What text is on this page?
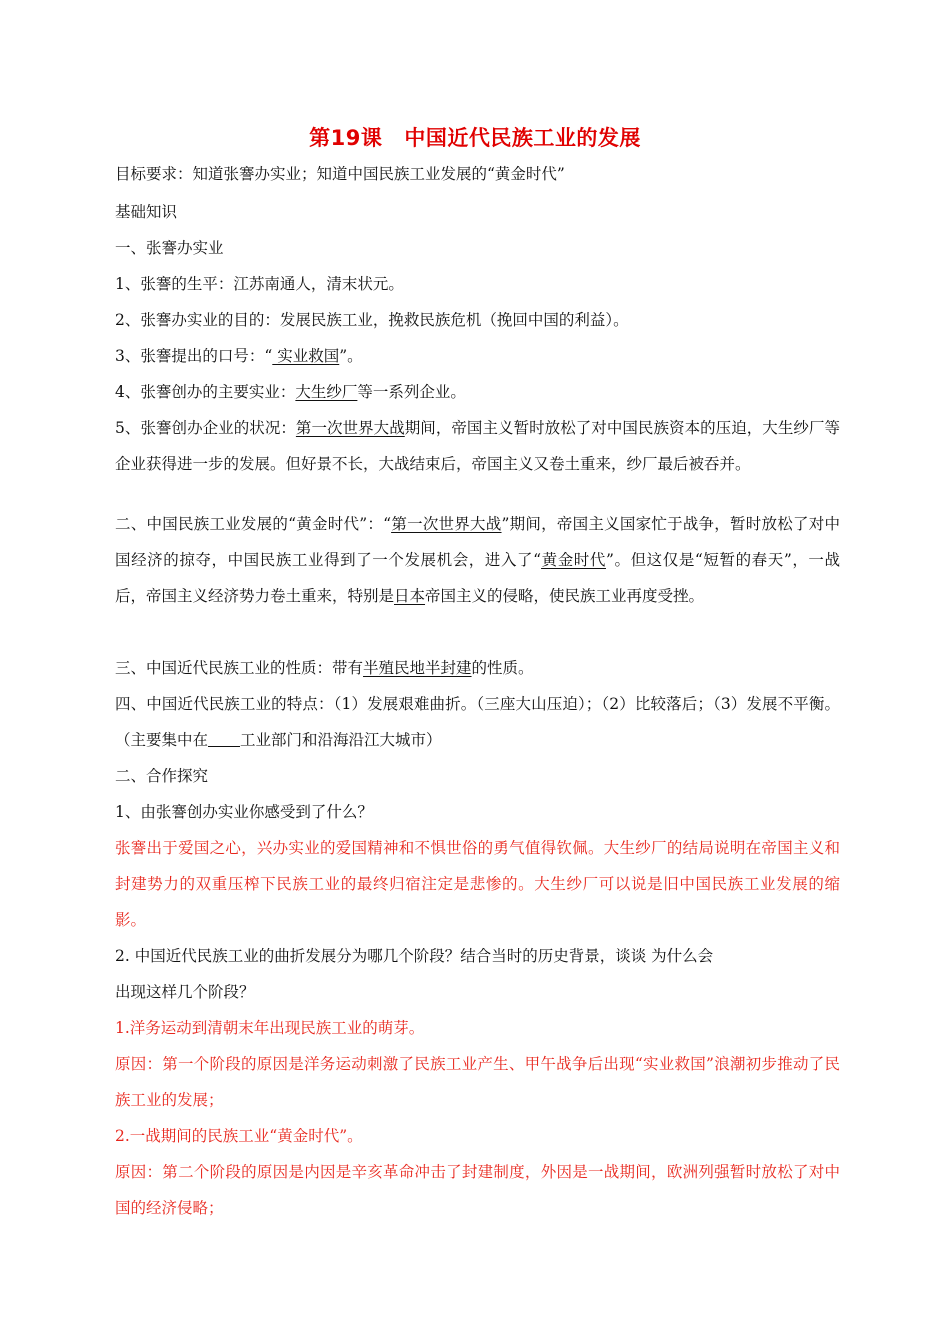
第19课 中国近代民族工业的发展
目标要求：知道张謇办实业；知道中国民族工业发展的“黄金时代”
基础知识
一、张謇办实业
1、张謇的生平：江苏南通人，清末状元。
2、张謇办实业的目的：发展民族工业，挽救民族危机（挽回中国的利益）。
3、张謇提出的口号：“ 实业救国”。
4、张謇创办的主要实业：大生纱厂等一系列企业。
5、张謇创办企业的状况：第一次世界大战期间，帝国主义暂时放松了对中国民族资本的压迫，大生纱厂等企业获得进一步的发展。但好景不长，大战结束后，帝国主义又卷土重来，纱厂最后被吞并。
二、中国民族工业发展的“黄金时代”：“第一次世界大战”期间，帝国主义国家忙于战争，暂时放松了对中国经济的掠夺，中国民族工业得到了一个发展机会，进入了“黄金时代”。但这仅是“短暂的春天”，一战后，帝国主义经济势力卷土重来，特别是日本帝国主义的侵略，使民族工业再度受挫。
三、中国近代民族工业的性质：带有半殖民地半封建的性质。
四、中国近代民族工业的特点：（1）发展艰难曲折。（三座大山压迫）；（2）比较落后；（3）发展不平衡。（主要集中在 工业部门和沿海沿江大城市）
二、合作探究
1、由张謇创办实业你感受到了什么？
张謇出于爱国之心，兴办实业的爱国精神和不惧世俗的勇气值得钦佩。大生纱厂的结局说明在帝国主义和封建势力的双重压榨下民族工业的最终归宿注定是悲惨的。大生纱厂可以说是旧中国民族工业发展的缩影。
2. 中国近代民族工业的曲折发展分为哪几个阶段？结合当时的历史背景，谈谈 为什么会
出现这样几个阶段？
1.洋务运动到清朝末年出现民族工业的萌芽。
原因：第一个阶段的原因是洋务运动刺激了民族工业产生、甲午战争后出现“实业救国”浪潮初步推动了民族工业的发展；
2.一战期间的民族工业“黄金时代”。
原因：第二个阶段的原因是内因是辛亥革命冲击了封建制度，外因是一战期间，欧洲列强暂时放松了对中国的经济侵略；
